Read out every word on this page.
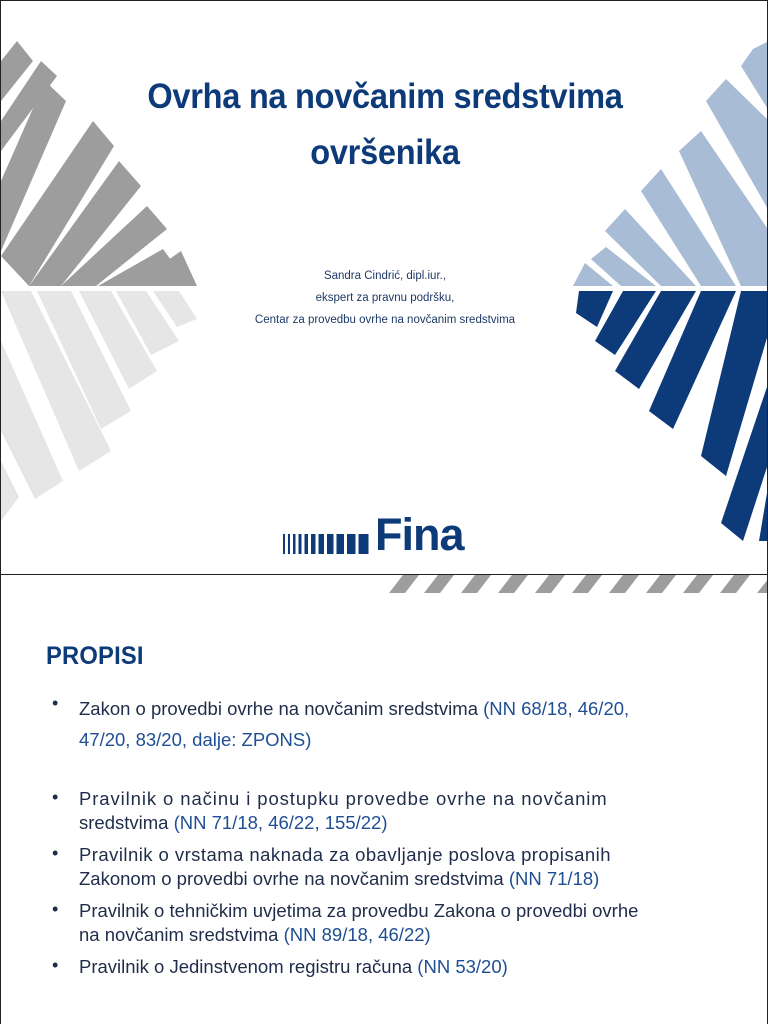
Ovrha na novčanim sredstvima
ovršenika
Sandra Cindrić, dipl.iur.,
ekspert za pravnu podršku,
Centar za provedbu ovrhe na novčanim sredstvima
Fina
PROPISI
• Zakon o provedbi ovrhe na novčanim sredstvima (NN 68/18, 46/20,
47/20, 83/20, dalje: ZPONS)
• Pravilnik o načinu i postupku provedbe ovrhe na novčanim
sredstvima (NN 71/18, 46/22, 155/22)
• Pravilnik o vrstama naknada za obavljanje poslova propisanih
Zakonom o provedbi ovrhe na novčanim sredstvima (NN 71/18)
• Pravilnik o tehničkim uvjetima za provedbu Zakona o provedbi ovrhe
na novčanim sredstvima (NN 89/18, 46/22)
• Pravilnik o Jedinstvenom registru računa (NN 53/20)
